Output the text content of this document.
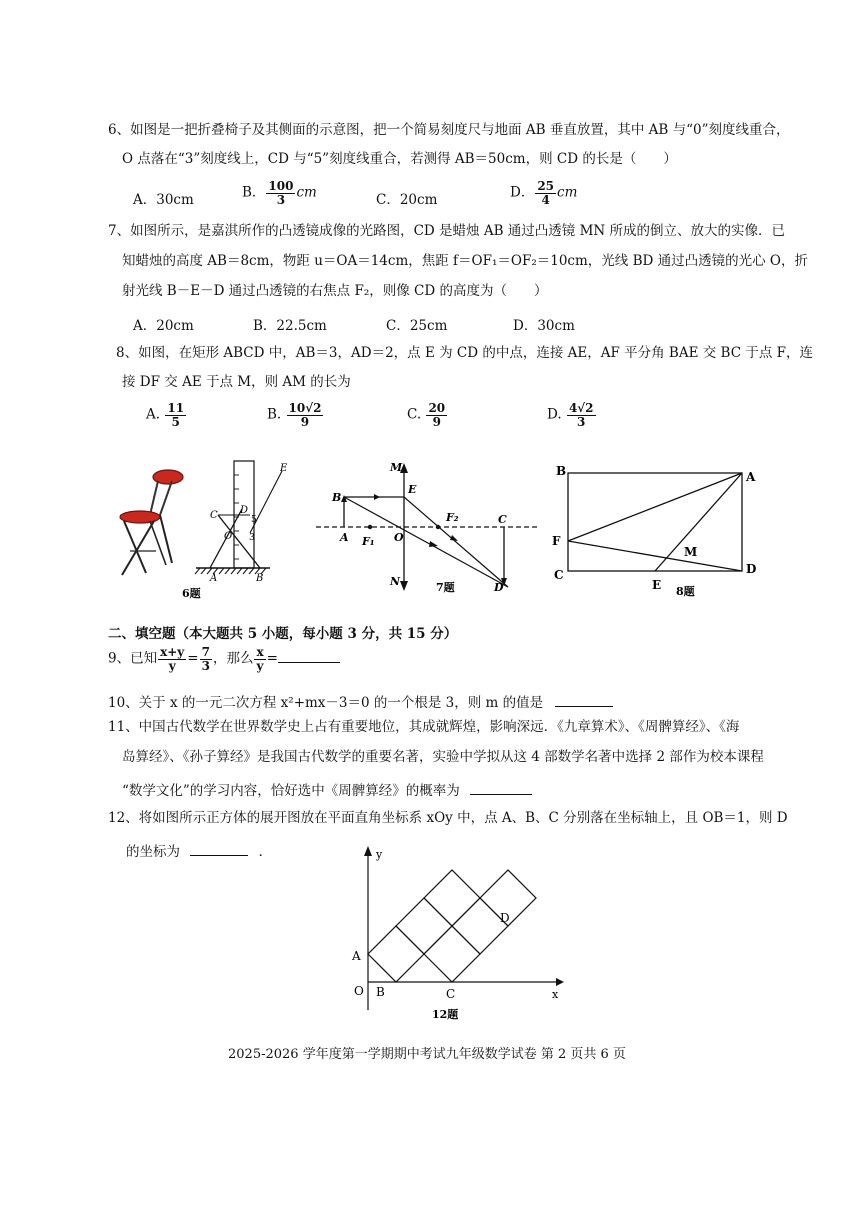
6、如图是一把折叠椅子及其侧面的示意图，把一个简易刻度尺与地面 AB 垂直放置，其中 AB 与“0”刻度线重合，
O 点落在“3”刻度线上，CD 与“5”刻度线重合，若测得 AB＝50cm，则 CD 的长是（　　）
A．30cm	B． $\frac{100}{3}$ cm	C．20cm	D． $\frac{25}{4}$ cm
7、如图所示，是嘉淇所作的凸透镜成像的光路图，CD 是蜡烛 AB 通过凸透镜 MN 所成的倒立、放大的实像．已
知蜡烛的高度 AB＝8cm，物距 u＝OA＝14cm，焦距 f＝OF₁＝OF₂＝10cm，光线 BD 通过凸透镜的光心 O，折
射光线 B－E－D 通过凸透镜的右焦点 F₂，则像 CD 的高度为（　　）
A．20cm	B．22.5cm	C．25cm	D．30cm
8、如图，在矩形 ABCD 中，AB＝3，AD＝2，点 E 为 CD 的中点，连接 AE，AF 平分角 BAE 交 BC 于点 F，连
接 DF 交 AE 于点 M，则 AM 的长为
A. $\frac{11}{5}$	B. $\frac{10√2}{9}$	C. $\frac{20}{9}$	D. $\frac{4√2}{3}$
E
C D
O
5
3
A	B
6题
M
B
E
F₂	C
A F₁ O
N	D
7题
B	A
F
M
C
E
D
8题
二、填空题（本大题共 5 小题，每小题 3 分，共 15 分）
9、已知 $\frac{x+y}{y} = \frac{7}{3}$ ，那么 $\frac{x}{y}$ =
10、关于 x 的一元二次方程 x²+mx－3＝0 的一个根是 3，则 m 的值是
11、中国古代数学在世界数学史上占有重要地位，其成就辉煌，影响深远．《九章算术》、《周髀算经》、《海
岛算经》、《孙子算经》是我国古代数学的重要名著，实验中学拟从这 4 部数学名著中选择 2 部作为校本课程
“数学文化”的学习内容，恰好选中《周髀算经》的概率为
12、将如图所示正方体的展开图放在平面直角坐标系 xOy 中，点 A、B、C 分别落在坐标轴上，且 OB＝1，则 D
的坐标为	．	y
D
A
O B	C	x
12题
2025-2026 学年度第一学期期中考试九年级数学试卷 第 2 页共 6 页
